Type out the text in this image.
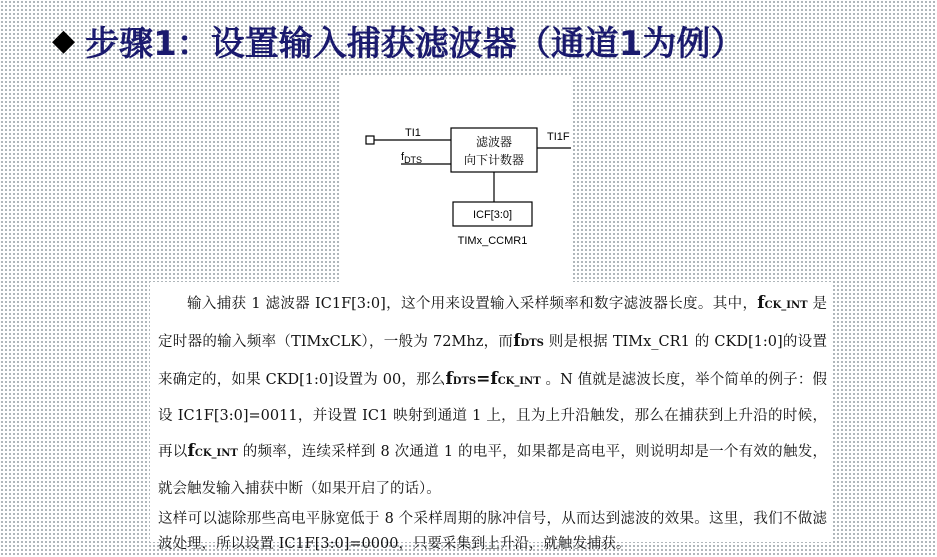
◆ 步骤1：设置输入捕获滤波器（通道1为例）
TI1
$f_{DTS}$
滤波器
向下计数器
TI1F
ICF[3:0]
TIMx_CCMR1

输入捕获 1 滤波器 IC1F[3:0]，这个用来设置输入采样频率和数字滤波器长度。其中，fCK_INT 是定时器的输入频率（TIMxCLK），一般为 72Mhz，而fDTS 则是根据 TIMx_CR1 的 CKD[1:0]的设置来确定的，如果 CKD[1:0]设置为 00，那么fDTS=fCK_INT 。N 值就是滤波长度，举个简单的例子：假设 IC1F[3:0]=0011，并设置 IC1 映射到通道 1 上，且为上升沿触发，那么在捕获到上升沿的时候，再以fCK_INT 的频率，连续采样到 8 次通道 1 的电平，如果都是高电平，则说明却是一个有效的触发，就会触发输入捕获中断（如果开启了的话）。
这样可以滤除那些高电平脉宽低于 8 个采样周期的脉冲信号，从而达到滤波的效果。这里，我们不做滤波处理，所以设置 IC1F[3:0]=0000，只要采集到上升沿，就触发捕获。
